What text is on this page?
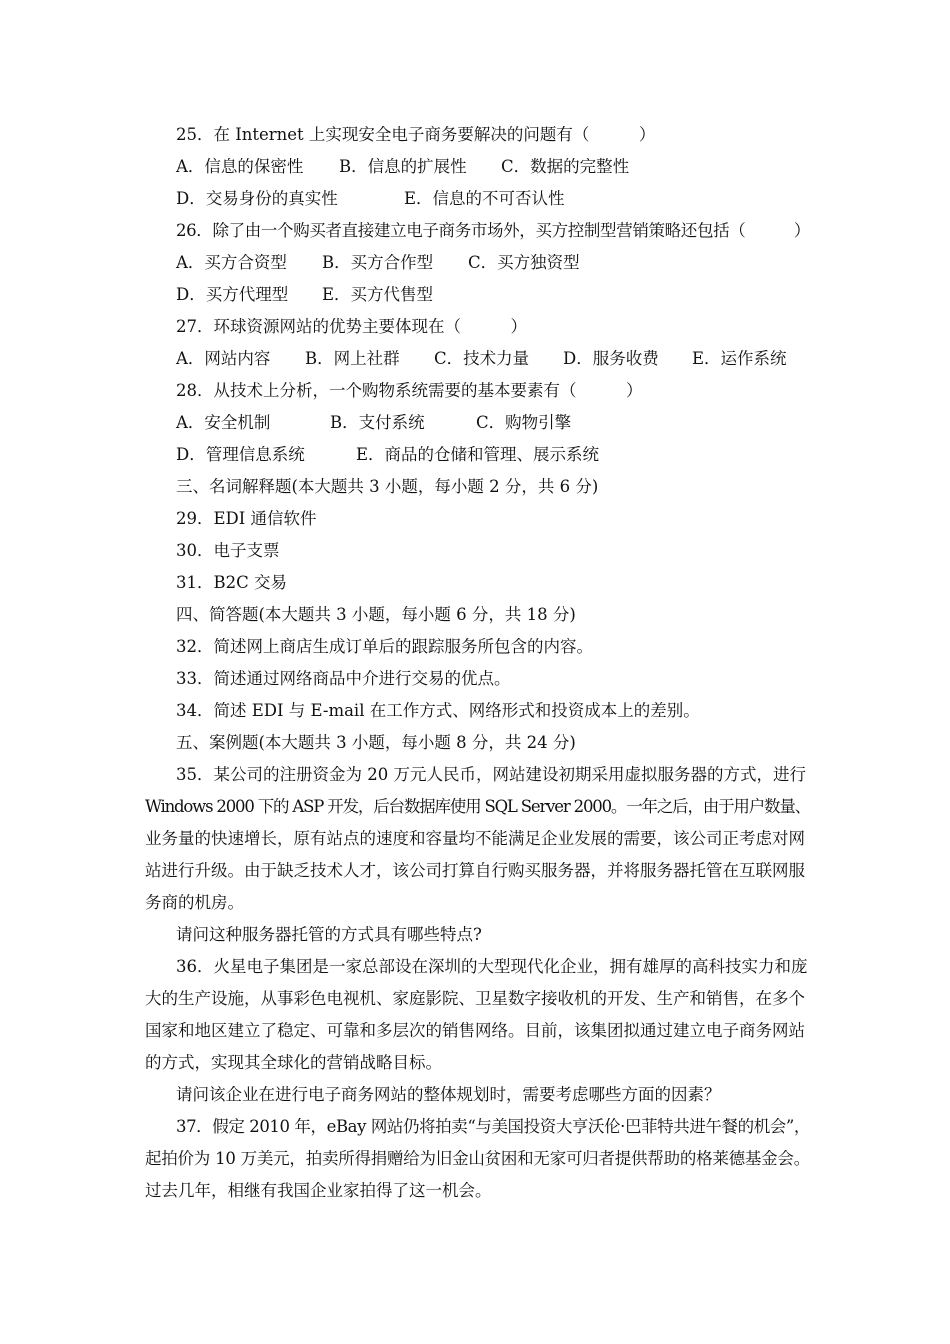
25．在 Internet 上实现安全电子商务要解决的问题有（　　　）
A．信息的保密性 B．信息的扩展性 C．数据的完整性
D．交易身份的真实性	E．信息的不可否认性
26．除了由一个购买者直接建立电子商务市场外，买方控制型营销策略还包括（　　　）
A．买方合资型 B．买方合作型 C．买方独资型
D．买方代理型 E．买方代售型
27．环球资源网站的优势主要体现在（　　　）
A．网站内容 B．网上社群 C．技术力量 D．服务收费 E．运作系统
28．从技术上分析，一个购物系统需要的基本要素有（　　　）
A．安全机制	B．支付系统	C．购物引擎
D．管理信息系统	E．商品的仓储和管理、展示系统
三、名词解释题(本大题共 3 小题，每小题 2 分，共 6 分)
29．EDI 通信软件
30．电子支票
31．B2C 交易
四、简答题(本大题共 3 小题，每小题 6 分，共 18 分)
32．简述网上商店生成订单后的跟踪服务所包含的内容。
33．简述通过网络商品中介进行交易的优点。
34．简述 EDI 与 E-mail 在工作方式、网络形式和投资成本上的差别。
五、案例题(本大题共 3 小题，每小题 8 分，共 24 分)
35．某公司的注册资金为 20 万元人民币，网站建设初期采用虚拟服务器的方式，进行
Windows 2000 下的 ASP 开发，后台数据库使用 SQL Server 2000。一年之后，由于用户数量、
业务量的快速增长，原有站点的速度和容量均不能满足企业发展的需要，该公司正考虑对网
站进行升级。由于缺乏技术人才，该公司打算自行购买服务器，并将服务器托管在互联网服
务商的机房。
请问这种服务器托管的方式具有哪些特点?
36．火星电子集团是一家总部设在深圳的大型现代化企业，拥有雄厚的高科技实力和庞
大的生产设施，从事彩色电视机、家庭影院、卫星数字接收机的开发、生产和销售，在多个
国家和地区建立了稳定、可靠和多层次的销售网络。目前，该集团拟通过建立电子商务网站
的方式，实现其全球化的营销战略目标。
请问该企业在进行电子商务网站的整体规划时，需要考虑哪些方面的因素？
37．假定 2010 年，eBay 网站仍将拍卖“与美国投资大亨沃伦·巴菲特共进午餐的机会”，
起拍价为 10 万美元，拍卖所得捐赠给为旧金山贫困和无家可归者提供帮助的格莱德基金会。
过去几年，相继有我国企业家拍得了这一机会。
